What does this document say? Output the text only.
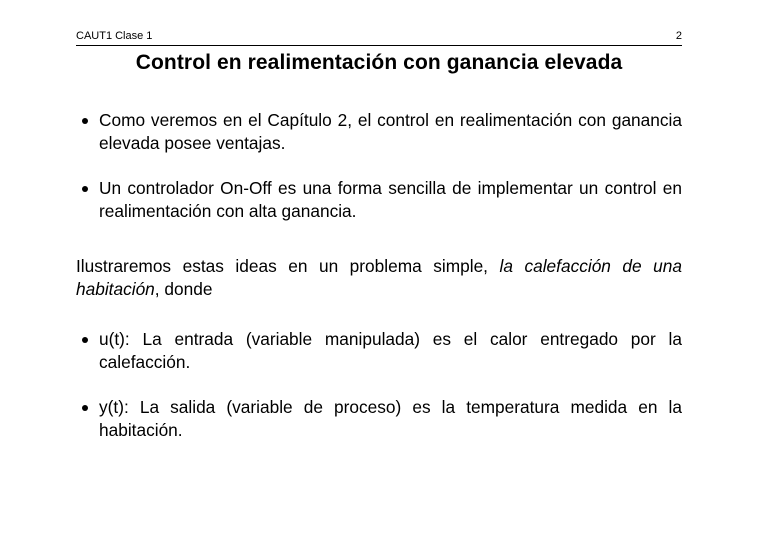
CAUT1 Clase 1	2
Control en realimentación con ganancia elevada
Como veremos en el Capítulo 2, el control en realimentación con ganancia elevada posee ventajas.
Un controlador On-Off es una forma sencilla de implementar un control en realimentación con alta ganancia.
Ilustraremos estas ideas en un problema simple, la calefacción de una habitación, donde
u(t): La entrada (variable manipulada) es el calor entregado por la calefacción.
y(t): La salida (variable de proceso) es la temperatura medida en la habitación.
